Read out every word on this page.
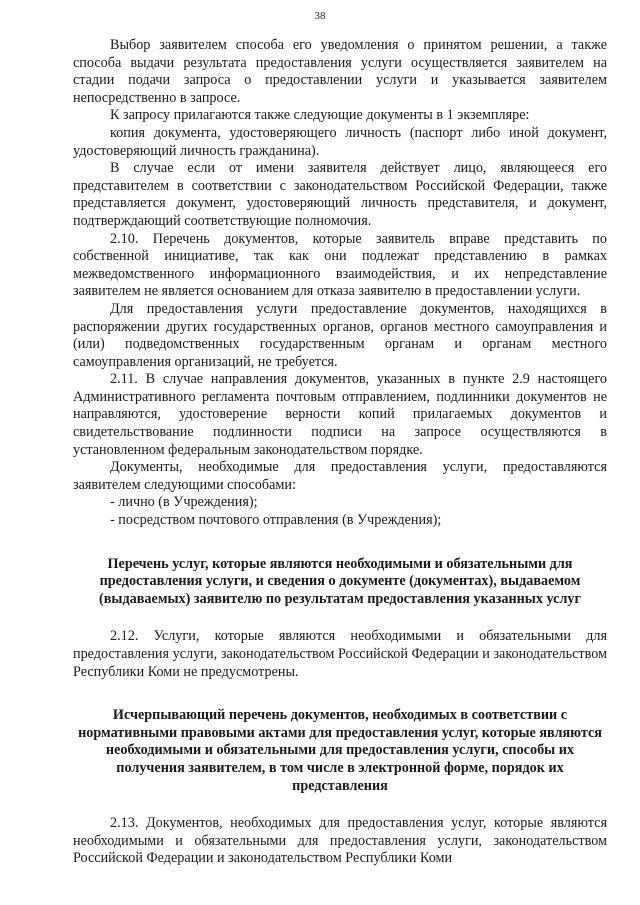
38

Выбор заявителем способа его уведомления о принятом решении, а также способа выдачи результата предоставления услуги осуществляется заявителем на стадии подачи запроса о предоставлении услуги и указывается заявителем непосредственно в запросе.

К запросу прилагаются также следующие документы в 1 экземпляре:

копия документа, удостоверяющего личность (паспорт либо иной документ, удостоверяющий личность гражданина).

В случае если от имени заявителя действует лицо, являющееся его представителем в соответствии с законодательством Российской Федерации, также представляется документ, удостоверяющий личность представителя, и документ, подтверждающий соответствующие полномочия.

2.10. Перечень документов, которые заявитель вправе представить по собственной инициативе, так как они подлежат представлению в рамках межведомственного информационного взаимодействия, и их непредставление заявителем не является основанием для отказа заявителю в предоставлении услуги.

Для предоставления услуги предоставление документов, находящихся в распоряжении других государственных органов, органов местного самоуправления и (или) подведомственных государственным органам и органам местного самоуправления организаций, не требуется.

2.11. В случае направления документов, указанных в пункте 2.9 настоящего Административного регламента почтовым отправлением, подлинники документов не направляются, удостоверение верности копий прилагаемых документов и свидетельствование подлинности подписи на запросе осуществляются в установленном федеральным законодательством порядке.

Документы, необходимые для предоставления услуги, предоставляются заявителем следующими способами:

- лично (в Учреждения);

- посредством почтового отправления (в Учреждения);

Перечень услуг, которые являются необходимыми и обязательными для предоставления услуги, и сведения о документе (документах), выдаваемом (выдаваемых) заявителю по результатам предоставления указанных услуг

2.12. Услуги, которые являются необходимыми и обязательными для предоставления услуги, законодательством Российской Федерации и законодательством Республики Коми не предусмотрены.

Исчерпывающий перечень документов, необходимых в соответствии с нормативными правовыми актами для предоставления услуг, которые являются необходимыми и обязательными для предоставления услуги, способы их получения заявителем, в том числе в электронной форме, порядок их представления

2.13. Документов, необходимых для предоставления услуг, которые являются необходимыми и обязательными для предоставления услуги, законодательством Российской Федерации и законодательством Республики Коми
